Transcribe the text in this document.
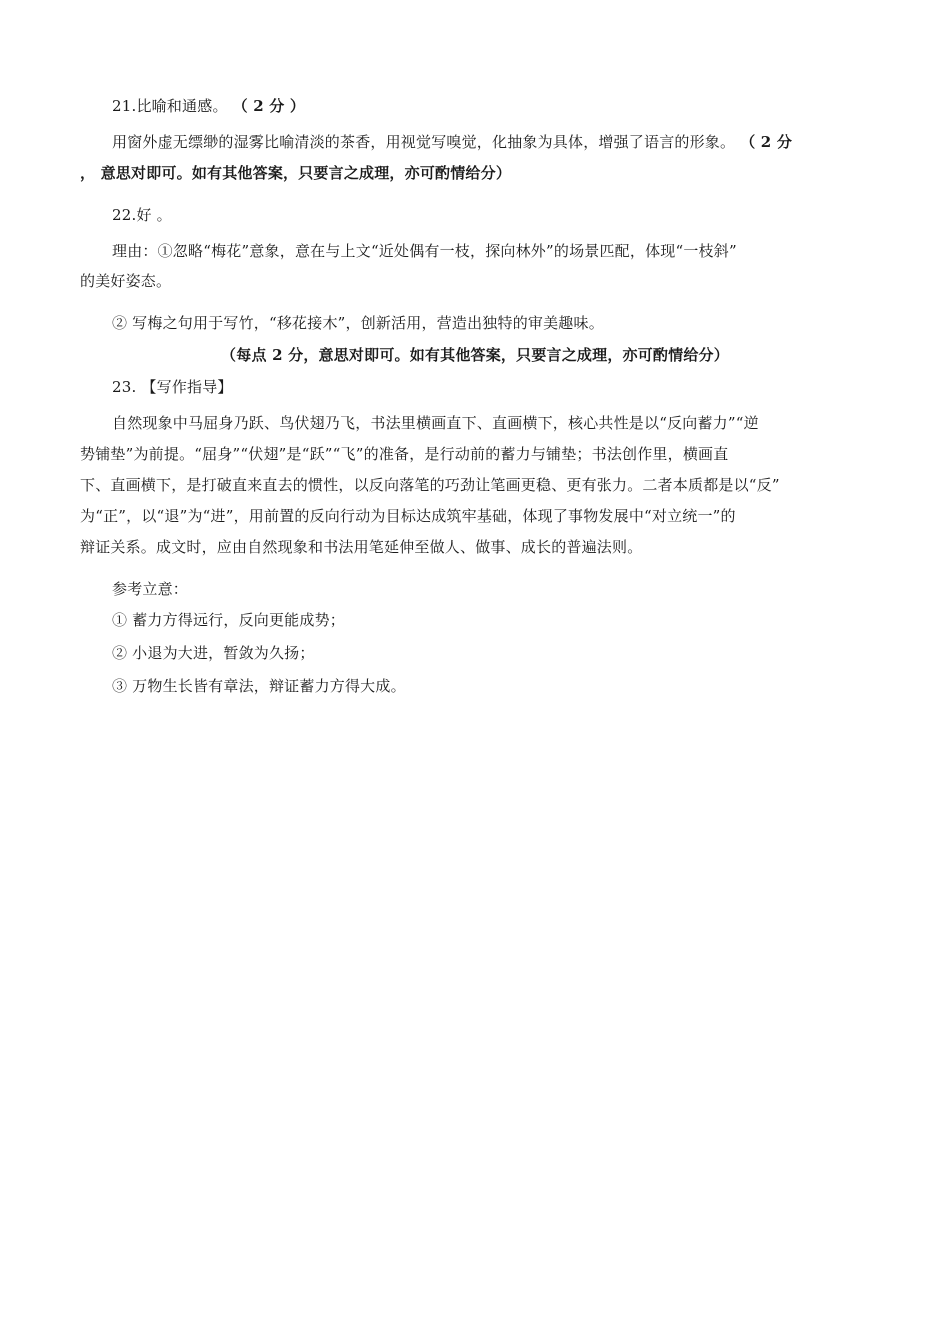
21.比喻和通感。 （ 2 分 ）
用窗外虚无缥缈的湿雾比喻清淡的茶香，用视觉写嗅觉，化抽象为具体，增强了语言的形象。 （ 2 分
， 意思对即可。如有其他答案，只要言之成理，亦可酌情给分）
22.好 。
理由：①忽略“梅花”意象，意在与上文“近处偶有一枝，探向林外”的场景匹配，体现“一枝斜”
的美好姿态。
② 写梅之句用于写竹，“移花接木”，创新活用，营造出独特的审美趣味。
（每点 2 分，意思对即可。如有其他答案，只要言之成理，亦可酌情给分）
23. 【写作指导】
自然现象中马屈身乃跃、鸟伏翅乃飞，书法里横画直下、直画横下，核心共性是以“反向蓄力”“逆
势铺垫”为前提。“屈身”“伏翅”是“跃”“飞”的准备，是行动前的蓄力与铺垫；书法创作里，横画直
下、直画横下，是打破直来直去的惯性，以反向落笔的巧劲让笔画更稳、更有张力。二者本质都是以“反”
为“正”，以“退”为“进”，用前置的反向行动为目标达成筑牢基础，体现了事物发展中“对立统一”的
辩证关系。成文时，应由自然现象和书法用笔延伸至做人、做事、成长的普遍法则。
参考立意：
① 蓄力方得远行，反向更能成势；
② 小退为大进，暂敛为久扬；
③ 万物生长皆有章法，辩证蓄力方得大成。
